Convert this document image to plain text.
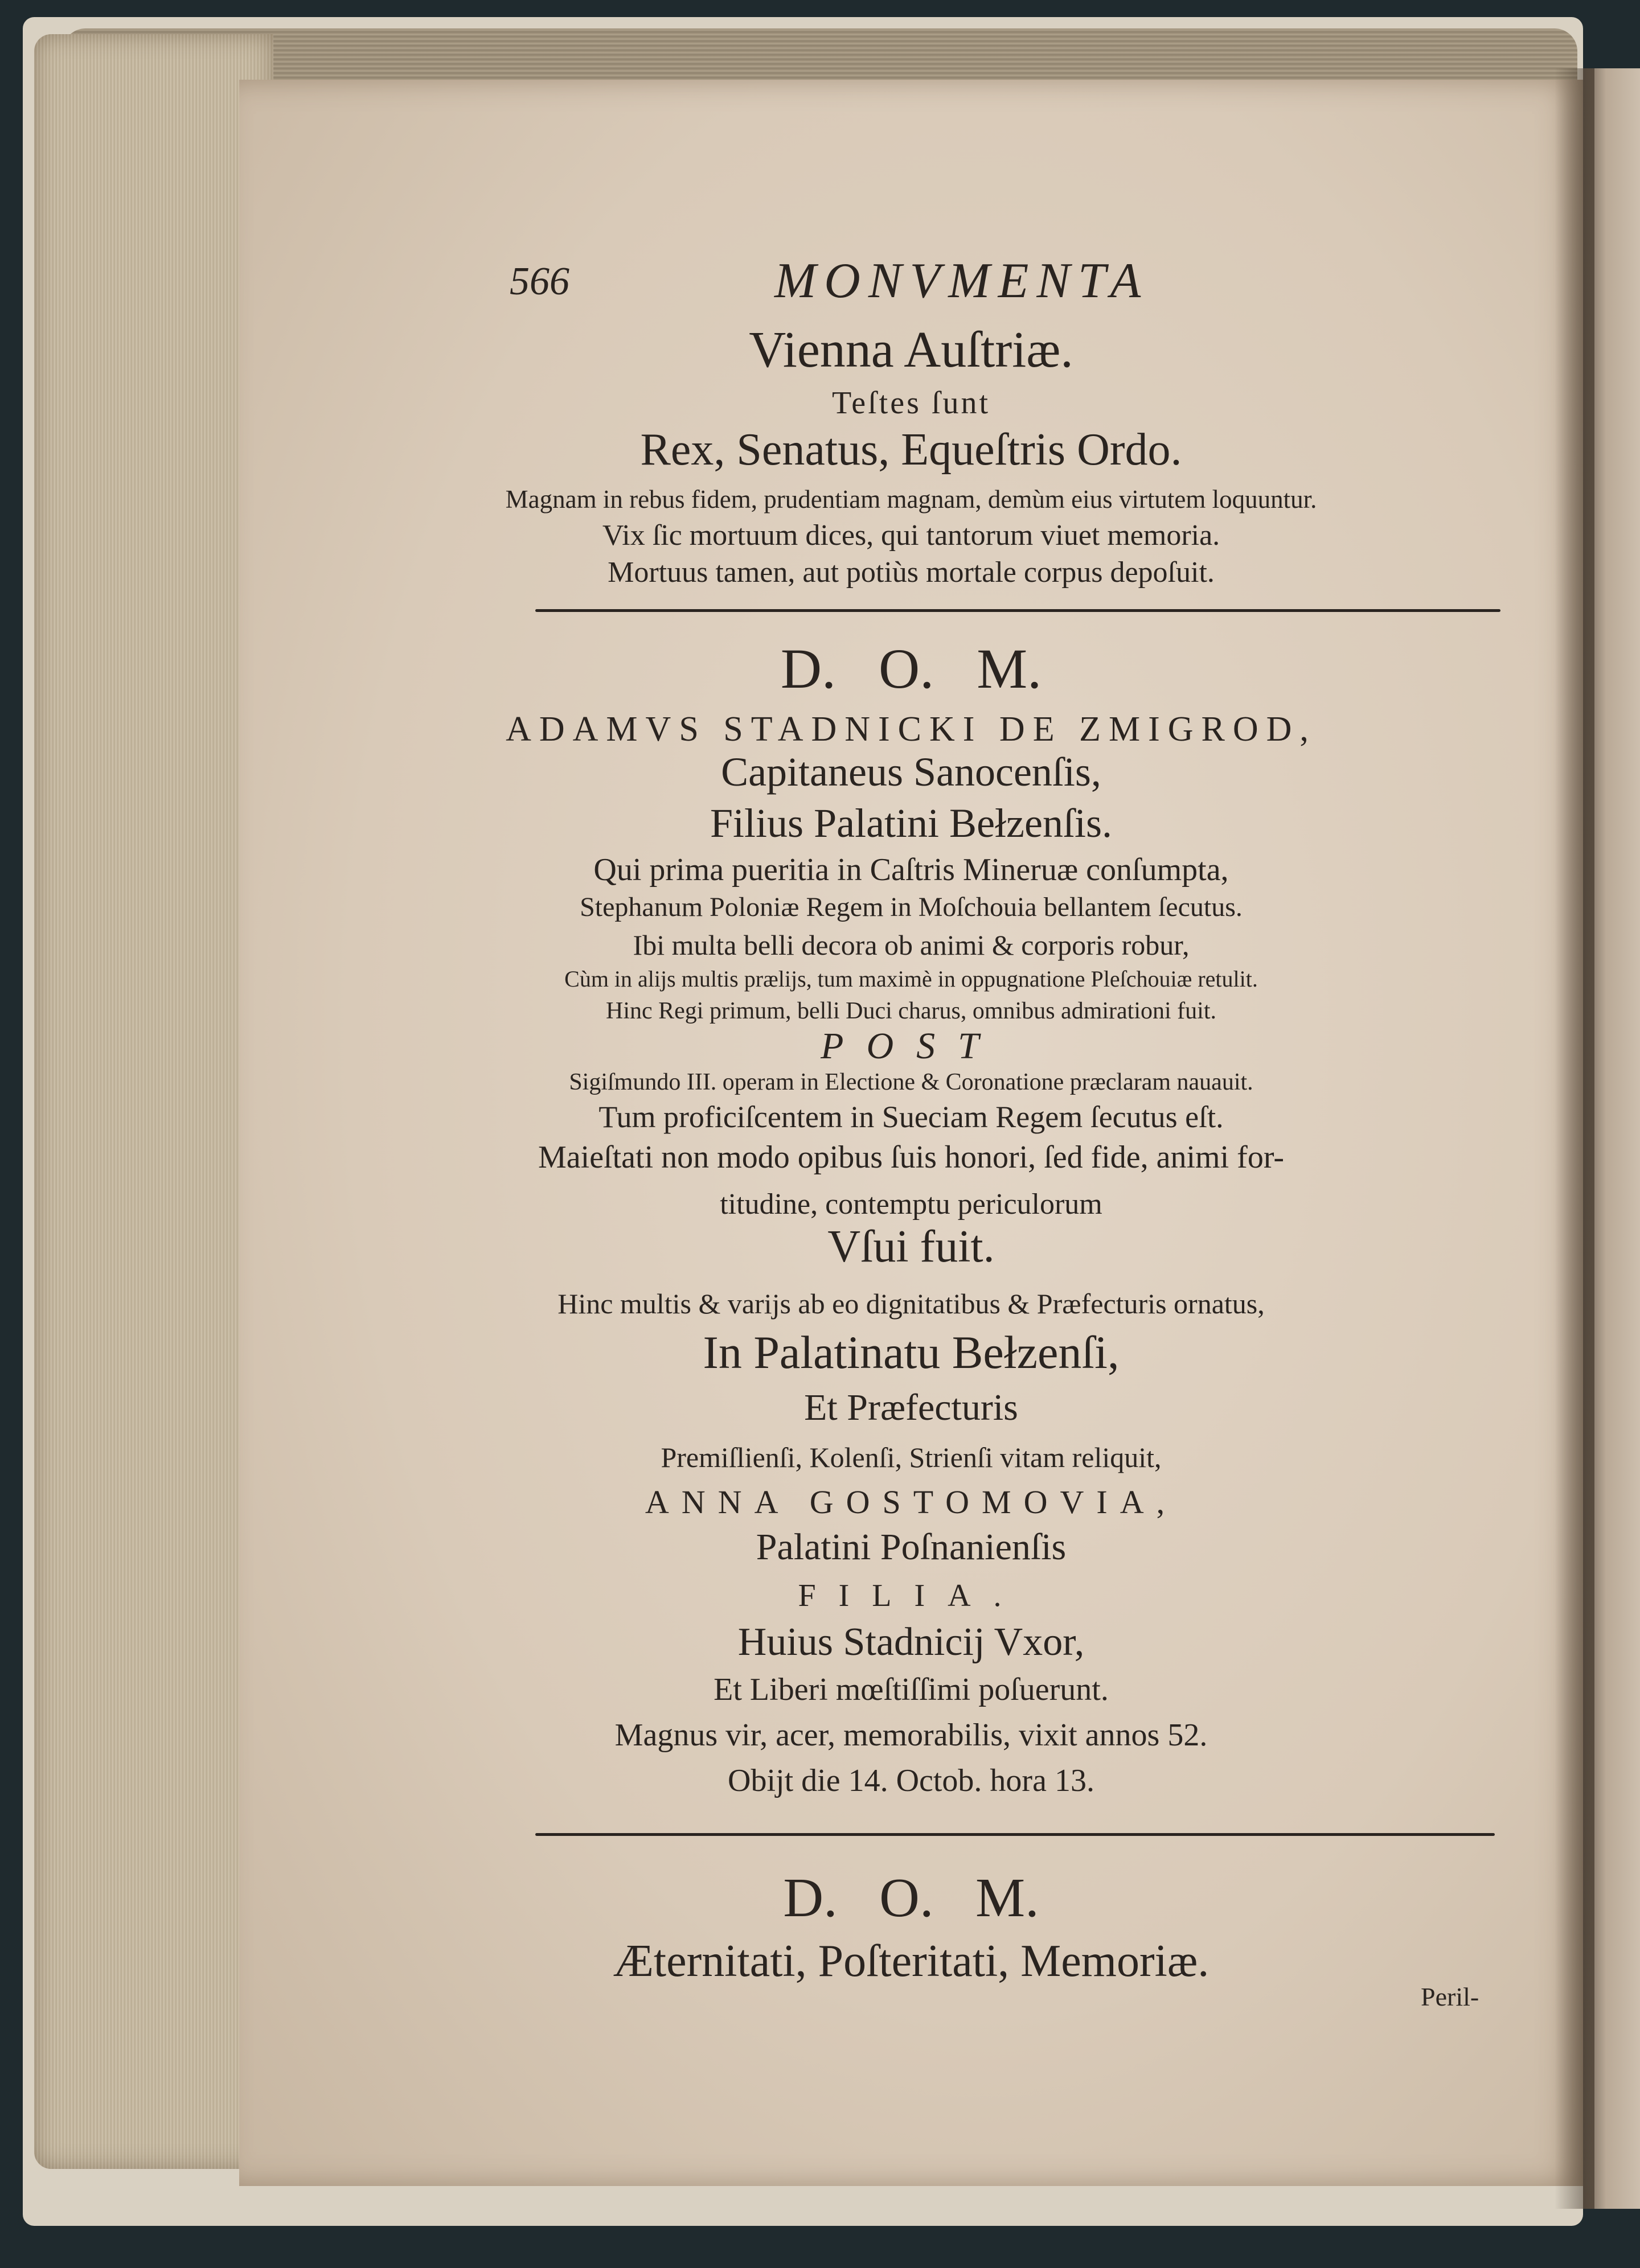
566	MONVMENTA
Vienna Auſtriæ.
Teſtes ſunt
Rex, Senatus, Equeſtris Ordo.
Magnam in rebus fidem, prudentiam magnam, demùm eius virtutem loquuntur.
Vix ſic mortuum dices, qui tantorum viuet memoria.
Mortuus tamen, aut potiùs mortale corpus depoſuit.
D.   O.   M.
ADAMVS STADNICKI DE ZMIGROD,
Capitaneus Sanocenſis,
Filius Palatini Bełzenſis.
Qui prima pueritia in Caſtris Mineruæ conſumpta,
Stephanum Poloniæ Regem in Moſchouia bellantem ſecutus.
Ibi multa belli decora ob animi & corporis robur,
Cùm in aliјs multis prælijs, tum maximè in oppugnatione Pleſchouiæ retulit.
Hinc Regi primum, belli Duci charus, omnibus admirationi fuit.
POST
Sigiſmundo III. operam in Electione & Coronatione præclaram nauauit.
Tum proficiſcentem in Sueciam Regem ſecutus eſt.
Maieſtati non modo opibus ſuis honori, ſed fide, animi for-
titudine, contemptu periculorum
Vſui fuit.
Hinc multis & varijs ab eo dignitatibus & Præfecturis ornatus,
In Palatinatu Bełzenſi,
Et Præfecturis
Premiſlienſi, Kolenſi, Strienſi vitam reliquit,
ANNA GOSTOMOVIA,
Palatini Poſnanienſis
FILIA.
Huius Stadnicij Vxor,
Et Liberi mœſtiſſimi poſuerunt.
Magnus vir, acer, memorabilis, vixit annos 52.
Obijt die 14. Octob. hora 13.
D.   O.   M.
Æternitati, Poſteritati, Memoriæ.
Peril-
